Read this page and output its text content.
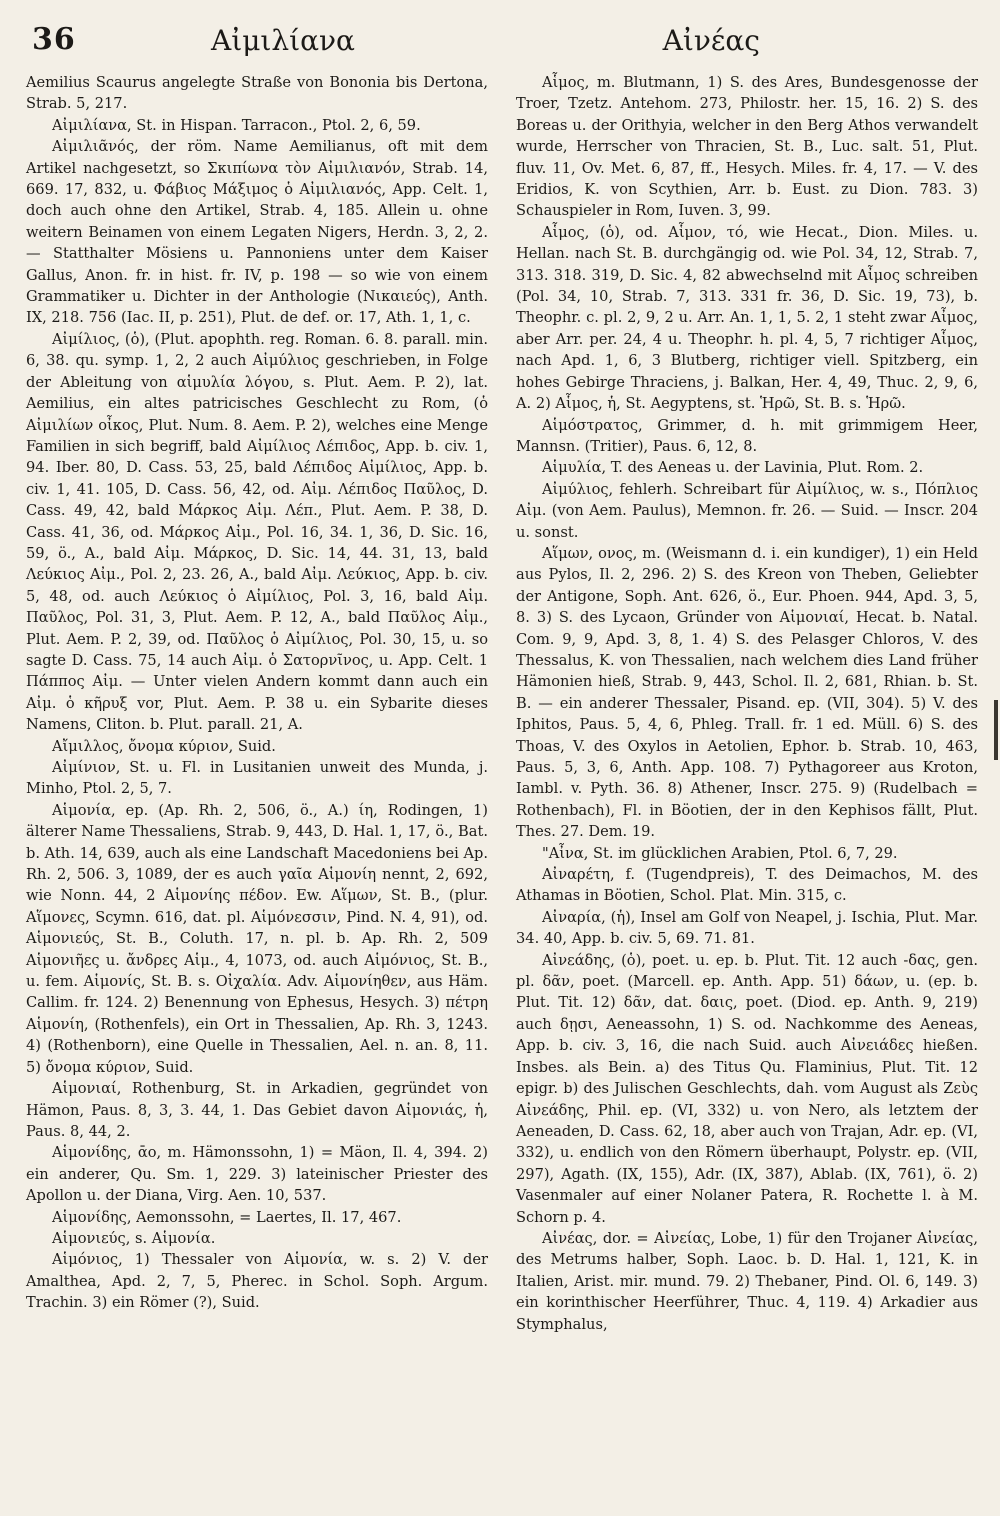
36	Αἰμιλίανα	Αἰνέας

Aemilius Scaurus angelegte Straße von Bononia bis Dertona, Strab. 5, 217.

Αἰμιλίανα, St. in Hispan. Tarracon., Ptol. 2, 6, 59.

Αἰμιλιᾶνός, der röm. Name Aemilianus, oft mit dem Artikel nachgesetzt, so Σκιπίωνα τὸν Αἰμιλιανόν, Strab. 14, 669. 17, 832, u. Φάβιος Μάξιμος ὁ Αἰμιλιανός, App. Celt. 1, doch auch ohne den Artikel, Strab. 4, 185. Allein u. ohne weitern Beinamen von einem Legaten Nigers, Herdn. 3, 2, 2. — Statthalter Mösiens u. Pannoniens unter dem Kaiser Gallus, Anon. fr. in hist. fr. IV, p. 198 — so wie von einem Grammatiker u. Dichter in der Anthologie (Νικαιεύς), Anth. IX, 218. 756 (Iac. II, p. 251), Plut. de def. or. 17, Ath. 1, 1, c.

Αἰμίλιος, (ὁ), (Plut. apophth. reg. Roman. 6. 8. parall. min. 6, 38. qu. symp. 1, 2, 2 auch Αἰμύλιος geschrieben, in Folge der Ableitung von αἱμυλία λόγου, s. Plut. Aem. P. 2), lat. Aemilius, ein altes patricisches Geschlecht zu Rom, (ὁ Αἰμιλίων οἶκος, Plut. Num. 8. Aem. P. 2), welches eine Menge Familien in sich begriff, bald Αἰμίλιος Λέπιδος, App. b. civ. 1, 94. Iber. 80, D. Cass. 53, 25, bald Λέπιδος Αἰμίλιος, App. b. civ. 1, 41. 105, D. Cass. 56, 42, od. Αἰμ. Λέπιδος Παῦλος, D. Cass. 49, 42, bald Μάρκος Αἰμ. Λέπ., Plut. Aem. P. 38, D. Cass. 41, 36, od. Μάρκος Αἰμ., Pol. 16, 34. 1, 36, D. Sic. 16, 59, ö., A., bald Αἰμ. Μάρκος, D. Sic. 14, 44. 31, 13, bald Λεύκιος Αἰμ., Pol. 2, 23. 26, A., bald Αἰμ. Λεύκιος, App. b. civ. 5, 48, od. auch Λεύκιος ὁ Αἰμίλιος, Pol. 3, 16, bald Αἰμ. Παῦλος, Pol. 31, 3, Plut. Aem. P. 12, A., bald Παῦλος Αἰμ., Plut. Aem. P. 2, 39, od. Παῦλος ὁ Αἰμίλιος, Pol. 30, 15, u. so sagte D. Cass. 75, 14 auch Αἰμ. ὁ Σατορνῖνος, u. App. Celt. 1 Πάππος Αἰμ. — Unter vielen Andern kommt dann auch ein Αἰμ. ὁ κῆρυξ vor, Plut. Aem. P. 38 u. ein Sybarite dieses Namens, Cliton. b. Plut. parall. 21, A.

Αἴμιλλος, ὄνομα κύριον, Suid.

Αἰμίνιον, St. u. Fl. in Lusitanien unweit des Munda, j. Minho, Ptol. 2, 5, 7.

Αἱμονία, ep. (Ap. Rh. 2, 506, ö., A.) ίη, Rodingen, 1) älterer Name Thessaliens, Strab. 9, 443, D. Hal. 1, 17, ö., Bat. b. Ath. 14, 639, auch als eine Landschaft Macedoniens bei Ap. Rh. 2, 506. 3, 1089, der es auch γαῖα Αἱμονίη nennt, 2, 692, wie Nonn. 44, 2 Αἱμονίης πέδον. Ew. Αἵμων, St. B., (plur. Αἵμονες, Scymn. 616, dat. pl. Αἱμόνεσσιν, Pind. N. 4, 91), od. Αἱμονιεύς, St. B., Coluth. 17, n. pl. b. Ap. Rh. 2, 509 Αἱμονιῆες u. ἄνδρες Αἱμ., 4, 1073, od. auch Αἱμόνιος, St. B., u. fem. Αἱμονίς, St. B. s. Οἰχαλία. Adv. Αἱμονίηθεν, aus Häm. Callim. fr. 124. 2) Benennung von Ephesus, Hesych. 3) πέτρη Αἱμονίη, (Rothenfels), ein Ort in Thessalien, Ap. Rh. 3, 1243. 4) (Rothenborn), eine Quelle in Thessalien, Ael. n. an. 8, 11. 5) ὄνομα κύριον, Suid.

Αἱμονιαί, Rothenburg, St. in Arkadien, gegründet von Hämon, Paus. 8, 3, 3. 44, 1. Das Gebiet davon Αἱμονιάς, ἡ, Paus. 8, 44, 2.

Αἱμονίδης, ᾱο, m. Hämonssohn, 1) = Mäon, Il. 4, 394. 2) ein anderer, Qu. Sm. 1, 229. 3) lateinischer Priester des Apollon u. der Diana, Virg. Aen. 10, 537.

Αἱμονίδης, Aemonssohn, = Laertes, Il. 17, 467.

Αἱμονιεύς, s. Αἱμονία.

Αἱμόνιος, 1) Thessaler von Αἱμονία, w. s. 2) V. der Amalthea, Apd. 2, 7, 5, Pherec. in Schol. Soph. Argum. Trachin. 3) ein Römer (?), Suid.

Αἷμος, m. Blutmann, 1) S. des Ares, Bundesgenosse der Troer, Tzetz. Antehom. 273, Philostr. her. 15, 16. 2) S. des Boreas u. der Orithyia, welcher in den Berg Athos verwandelt wurde, Herrscher von Thracien, St. B., Luc. salt. 51, Plut. fluv. 11, Ov. Met. 6, 87, ff., Hesych. Miles. fr. 4, 17. — V. des Eridios, K. von Scythien, Arr. b. Eust. zu Dion. 783. 3) Schauspieler in Rom, Iuven. 3, 99.

Αἷμος, (ὁ), od. Αἷμον, τό, wie Hecat., Dion. Miles. u. Hellan. nach St. B. durchgängig od. wie Pol. 34, 12, Strab. 7, 313. 318. 319, D. Sic. 4, 82 abwechselnd mit Αἶμος schreiben (Pol. 34, 10, Strab. 7, 313. 331 fr. 36, D. Sic. 19, 73), b. Theophr. c. pl. 2, 9, 2 u. Arr. An. 1, 1, 5. 2, 1 steht zwar Αἶμος, aber Arr. per. 24, 4 u. Theophr. h. pl. 4, 5, 7 richtiger Αἷμος, nach Apd. 1, 6, 3 Blutberg, richtiger viell. Spitzberg, ein hohes Gebirge Thraciens, j. Balkan, Her. 4, 49, Thuc. 2, 9, 6, A. 2) Αἷμος, ἡ, St. Aegyptens, st. Ἡρῶ, St. B. s. Ἡρῶ.

Αἱμόστρατος, Grimmer, d. h. mit grimmigem Heer, Mannsn. (Tritier), Paus. 6, 12, 8.

Αἱμυλία, T. des Aeneas u. der Lavinia, Plut. Rom. 2.

Αἰμύλιος, fehlerh. Schreibart für Αἰμίλιος, w. s., Πόπλιος Αἰμ. (von Aem. Paulus), Memnon. fr. 26. — Suid. — Inscr. 204 u. sonst.

Αἵμων, ονος, m. (Weismann d. i. ein kundiger), 1) ein Held aus Pylos, Il. 2, 296. 2) S. des Kreon von Theben, Geliebter der Antigone, Soph. Ant. 626, ö., Eur. Phoen. 944, Apd. 3, 5, 8. 3) S. des Lycaon, Gründer von Αἱμονιαί, Hecat. b. Natal. Com. 9, 9, Apd. 3, 8, 1. 4) S. des Pelasger Chloros, V. des Thessalus, K. von Thessalien, nach welchem dies Land früher Hämonien hieß, Strab. 9, 443, Schol. Il. 2, 681, Rhian. b. St. B. — ein anderer Thessaler, Pisand. ep. (VII, 304). 5) V. des Iphitos, Paus. 5, 4, 6, Phleg. Trall. fr. 1 ed. Müll. 6) S. des Thoas, V. des Oxylos in Aetolien, Ephor. b. Strab. 10, 463, Paus. 5, 3, 6, Anth. App. 108. 7) Pythagoreer aus Kroton, Iambl. v. Pyth. 36. 8) Athener, Inscr. 275. 9) (Rudelbach = Rothenbach), Fl. in Böotien, der in den Kephisos fällt, Plut. Thes. 27. Dem. 19.

"Αἶνα, St. im glücklichen Arabien, Ptol. 6, 7, 29.

Αἰναρέτη, f. (Tugendpreis), T. des Deimachos, M. des Athamas in Böotien, Schol. Plat. Min. 315, c.

Αἰναρία, (ἡ), Insel am Golf von Neapel, j. Ischia, Plut. Mar. 34. 40, App. b. civ. 5, 69. 71. 81.

Αἰνεάδης, (ὁ), poet. u. ep. b. Plut. Tit. 12 auch -δας, gen. pl. δᾶν, poet. (Marcell. ep. Anth. App. 51) δάων, u. (ep. b. Plut. Tit. 12) δᾶν, dat. δαις, poet. (Diod. ep. Anth. 9, 219) auch δῃσι, Aeneassohn, 1) S. od. Nachkomme des Aeneas, App. b. civ. 3, 16, die nach Suid. auch Αἰνειάδες hießen. Insbes. als Bein. a) des Titus Qu. Flaminius, Plut. Tit. 12 epigr. b) des Julischen Geschlechts, dah. vom August als Ζεὺς Αἰνεάδης, Phil. ep. (VI, 332) u. von Nero, als letztem der Aeneaden, D. Cass. 62, 18, aber auch von Trajan, Adr. ep. (VI, 332), u. endlich von den Römern überhaupt, Polystr. ep. (VII, 297), Agath. (IX, 155), Adr. (IX, 387), Ablab. (IX, 761), ö. 2) Vasenmaler auf einer Nolaner Patera, R. Rochette l. à M. Schorn p. 4.

Αἰνέας, dor. = Αἰνείας, Lobe, 1) für den Trojaner Αἰνείας, des Metrums halber, Soph. Laoc. b. D. Hal. 1, 121, K. in Italien, Arist. mir. mund. 79. 2) Thebaner, Pind. Ol. 6, 149. 3) ein korinthischer Heerführer, Thuc. 4, 119. 4) Arkadier aus Stymphalus,
